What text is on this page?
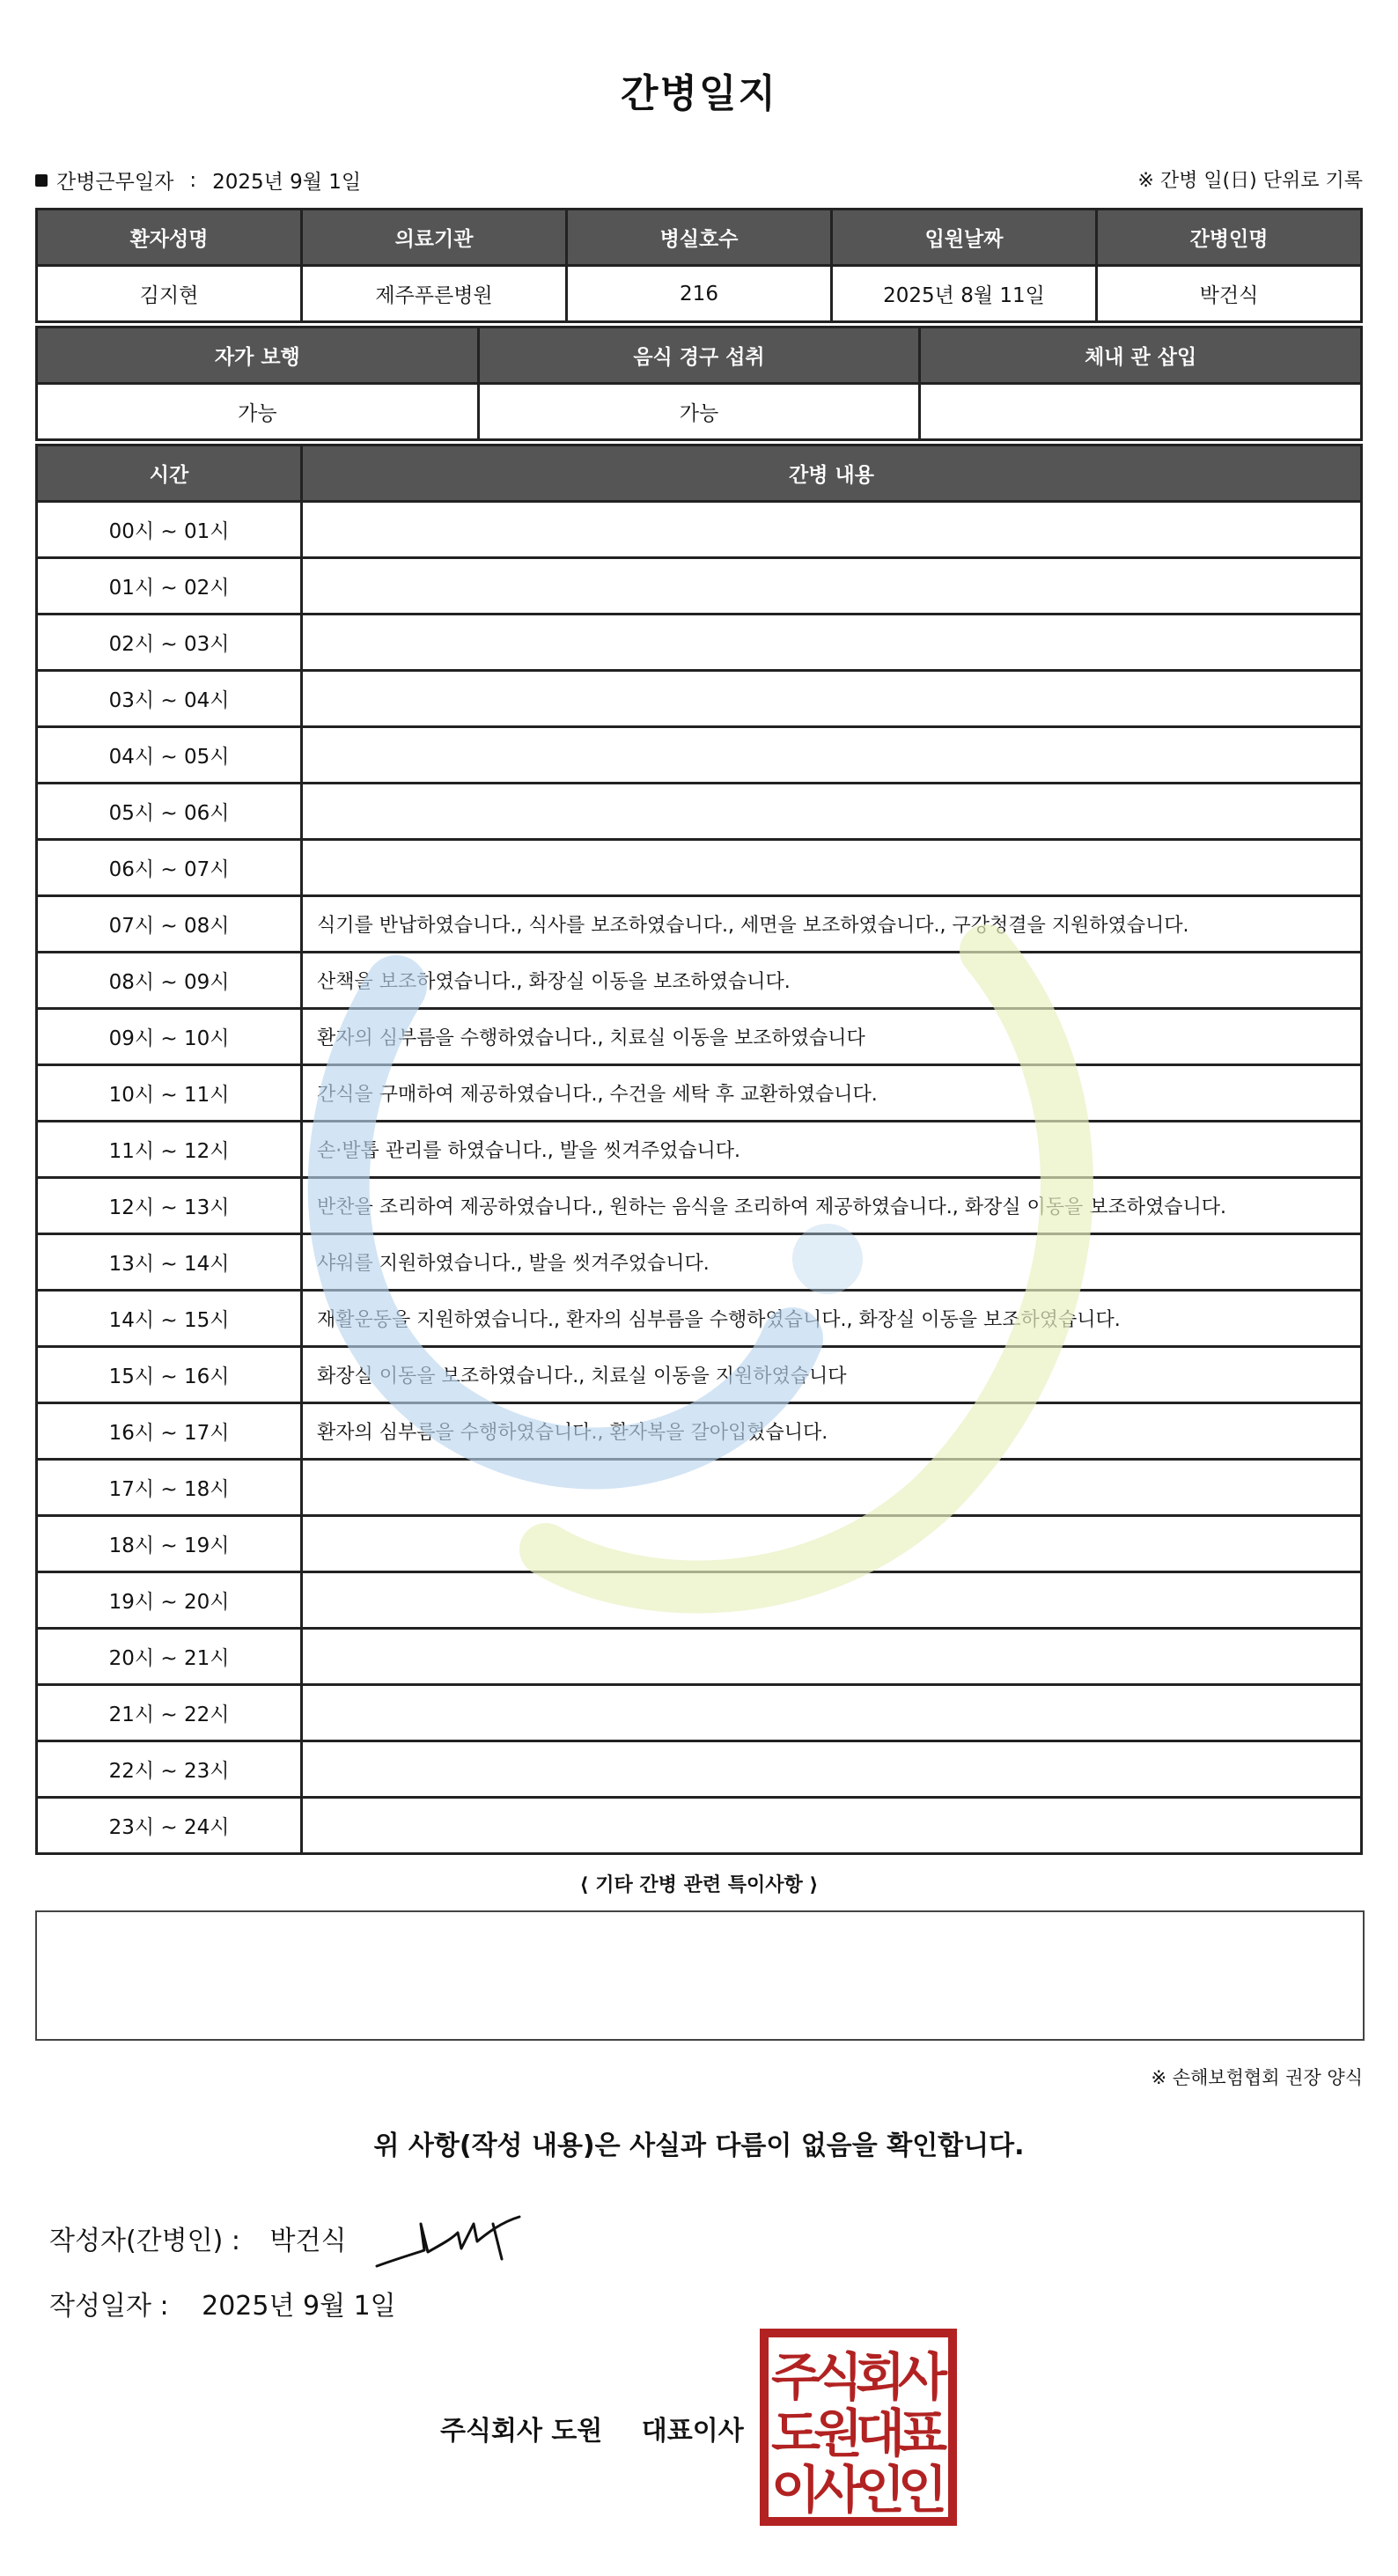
간병일지
간병근무일자 : 2025년 9월 1일	※ 간병 일(日) 단위로 기록
환자성명	의료기관	병실호수	입원날짜	간병인명
김지현	제주푸른병원	216	2025년 8월 11일	박건식
자가 보행	음식 경구 섭취	체내 관 삽입
가능	가능	
시간	간병 내용
00시 ~ 01시	
01시 ~ 02시	
02시 ~ 03시	
03시 ~ 04시	
04시 ~ 05시	
05시 ~ 06시	
06시 ~ 07시	
07시 ~ 08시	식기를 반납하였습니다., 식사를 보조하였습니다., 세면을 보조하였습니다., 구강청결을 지원하였습니다.
08시 ~ 09시	산책을 보조하였습니다., 화장실 이동을 보조하였습니다.
09시 ~ 10시	환자의 심부름을 수행하였습니다., 치료실 이동을 보조하였습니다
10시 ~ 11시	간식을 구매하여 제공하였습니다., 수건을 세탁 후 교환하였습니다.
11시 ~ 12시	손·발톱 관리를 하였습니다., 발을 씻겨주었습니다.
12시 ~ 13시	반찬을 조리하여 제공하였습니다., 원하는 음식을 조리하여 제공하였습니다., 화장실 이동을 보조하였습니다.
13시 ~ 14시	샤워를 지원하였습니다., 발을 씻겨주었습니다.
14시 ~ 15시	재활운동을 지원하였습니다., 환자의 심부름을 수행하였습니다., 화장실 이동을 보조하였습니다.
15시 ~ 16시	화장실 이동을 보조하였습니다., 치료실 이동을 지원하였습니다
16시 ~ 17시	환자의 심부름을 수행하였습니다., 환자복을 갈아입혔습니다.
17시 ~ 18시	
18시 ~ 19시	
19시 ~ 20시	
20시 ~ 21시	
21시 ~ 22시	
22시 ~ 23시	
23시 ~ 24시	
⟨ 기타 간병 관련 특이사항 ⟩
※ 손해보험협회 권장 양식
위 사항(작성 내용)은 사실과 다름이 없음을 확인합니다.
작성자(간병인) : 박건식
작성일자 : 2025년 9월 1일
주식회사 도원 대표이사
주
식
회
사
도
원
대
표
이
사
인
인
